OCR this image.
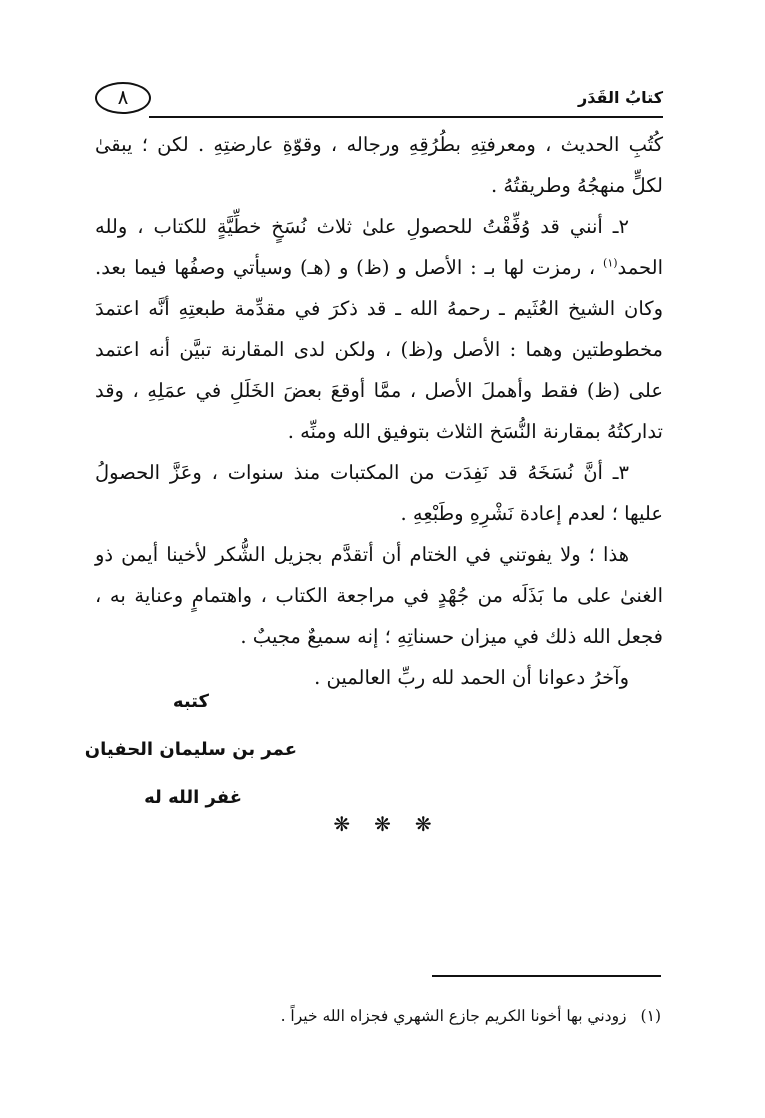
كتابُ القَدَر
٨

كُتُبِ الحديث ، ومعرفتِهِ بطُرُقِهِ ورجاله ، وقوّةِ عارضتِهِ . لكن ؛ يبقىٰ لكلٍّ منهجُهُ وطريقتُهُ .

٢ـ أنني قد وُفِّقْتُ للحصولِ علىٰ ثلاث نُسَخٍ خطِّيَّةٍ للكتاب ، ولله الحمد$^{(١)}$ ، رمزت لها بـ : الأصل و (ظ) و (هـ) وسيأتي وصفُها فيما بعد. وكان الشيخ العُثَيم ـ رحمهُ الله ـ قد ذكرَ في مقدِّمة طبعتِهِ أنَّه اعتمدَ مخطوطتين وهما : الأصل و(ظ) ، ولكن لدى المقارنة تبيَّن أنه اعتمد على (ظ) فقط وأهملَ الأصل ، ممَّا أوقعَ بعضَ الخَلَلِ في عمَلِهِ ، وقد تداركتُهُ بمقارنة النُّسَخ الثلاث بتوفيق الله ومنِّه .

٣ـ أنَّ نُسَخَهُ قد نَفِدَت من المكتبات منذ سنوات ، وعَزَّ الحصولُ عليها ؛ لعدم إعادة نَشْرِهِ وطَبْعِهِ .

هذا ؛ ولا يفوتني في الختام أن أتقدَّم بجزيل الشُّكر لأخينا أيمن ذو الغنىٰ على ما بَذَلَه من جُهْدٍ في مراجعة الكتاب ، واهتمامٍ وعناية به ، فجعل الله ذلك في ميزان حسناتِهِ ؛ إنه سميعٌ مجيبٌ .

وآخرُ دعوانا أن الحمد لله ربِّ العالمين .

كتبه
عمر بن سليمان الحفيان
غفر الله له
❋❋❋
(١)زودني بها أخونا الكريم جازع الشهري فجزاه الله خيراً .
